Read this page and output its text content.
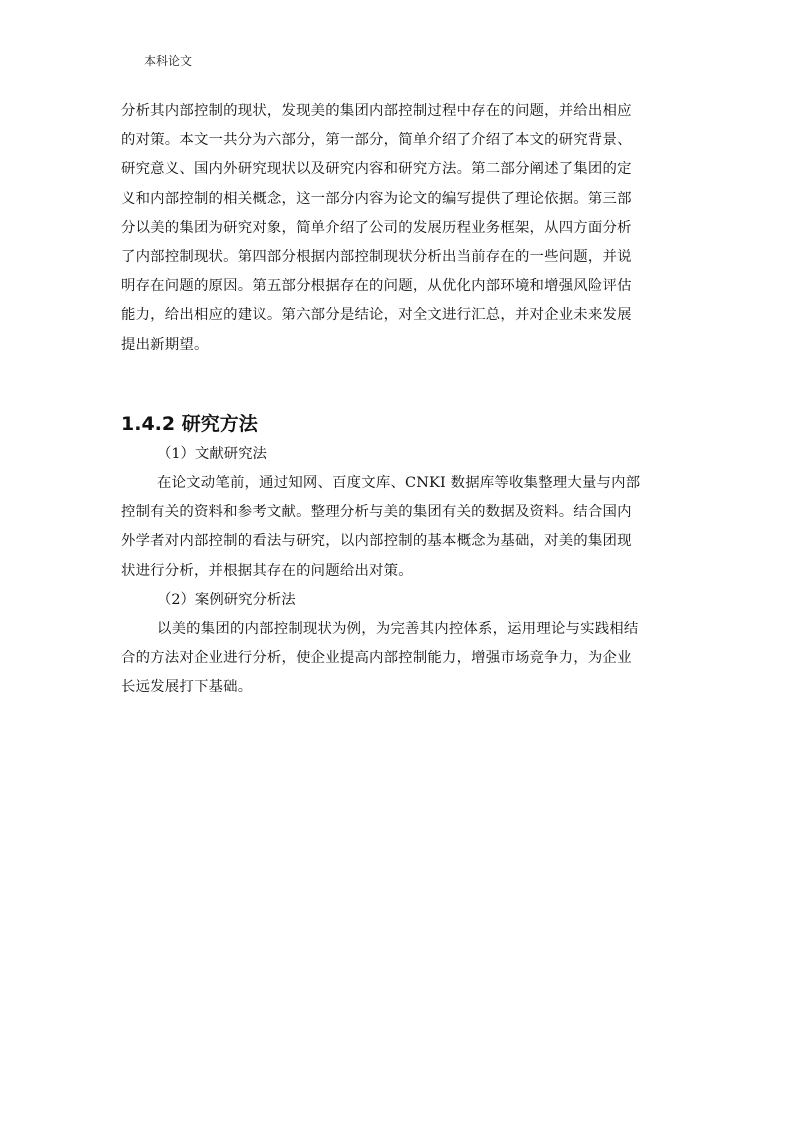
本科论文

分析其内部控制的现状，发现美的集团内部控制过程中存在的问题，并给出相应
的对策。本文一共分为六部分，第一部分，简单介绍了介绍了本文的研究背景、
研究意义、国内外研究现状以及研究内容和研究方法。第二部分阐述了集团的定
义和内部控制的相关概念，这一部分内容为论文的编写提供了理论依据。第三部
分以美的集团为研究对象，简单介绍了公司的发展历程业务框架，从四方面分析
了内部控制现状。第四部分根据内部控制现状分析出当前存在的一些问题，并说
明存在问题的原因。第五部分根据存在的问题，从优化内部环境和增强风险评估
能力，给出相应的建议。第六部分是结论，对全文进行汇总，并对企业未来发展
提出新期望。

1.4.2 研究方法
（1）文献研究法

在论文动笔前，通过知网、百度文库、CNKI 数据库等收集整理大量与内部
控制有关的资料和参考文献。整理分析与美的集团有关的数据及资料。结合国内
外学者对内部控制的看法与研究，以内部控制的基本概念为基础，对美的集团现
状进行分析，并根据其存在的问题给出对策。

（2）案例研究分析法

以美的集团的内部控制现状为例，为完善其内控体系，运用理论与实践相结
合的方法对企业进行分析，使企业提高内部控制能力，增强市场竞争力，为企业
长远发展打下基础。
